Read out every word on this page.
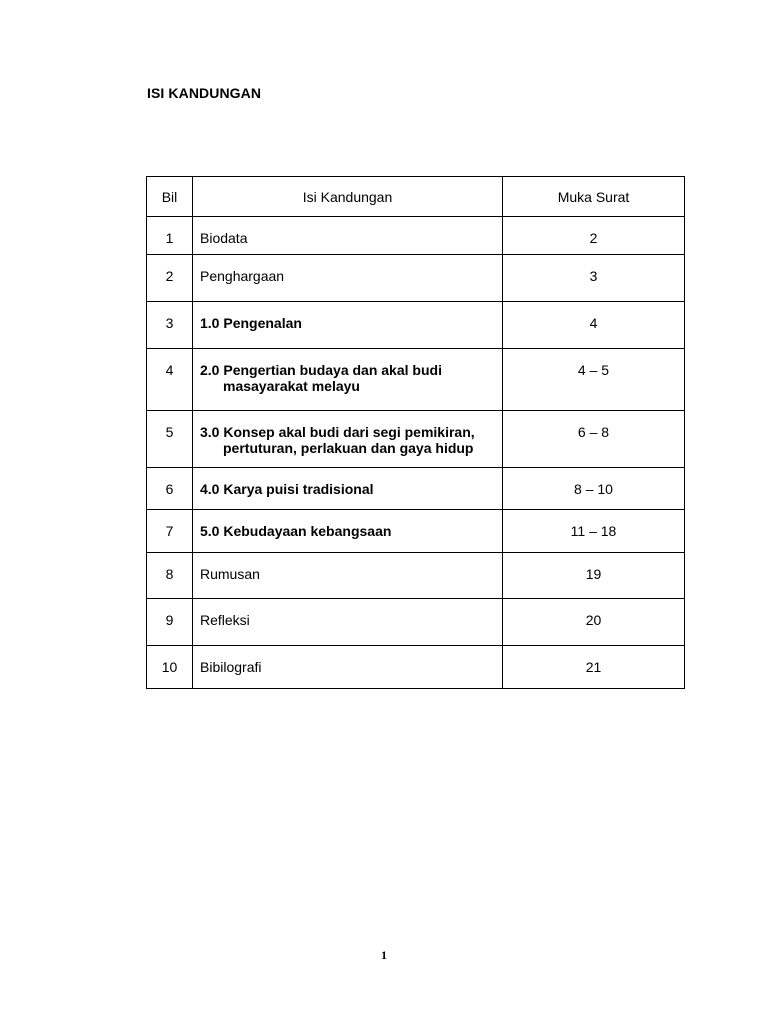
ISI KANDUNGAN
Bil	Isi Kandungan	Muka Surat

1	Biodata	2

2	Penghargaan	3

3	1.0 Pengenalan	4

4	2.0 Pengertian budaya dan akal budi
masayarakat melayu	4 – 5

5	3.0 Konsep akal budi dari segi pemikiran,
pertuturan, perlakuan dan gaya hidup	6 – 8

6	4.0 Karya puisi tradisional	8 – 10

7	5.0 Kebudayaan kebangsaan	11 – 18

8	Rumusan	19

9	Refleksi	20

10	Bibilografi	21
1
